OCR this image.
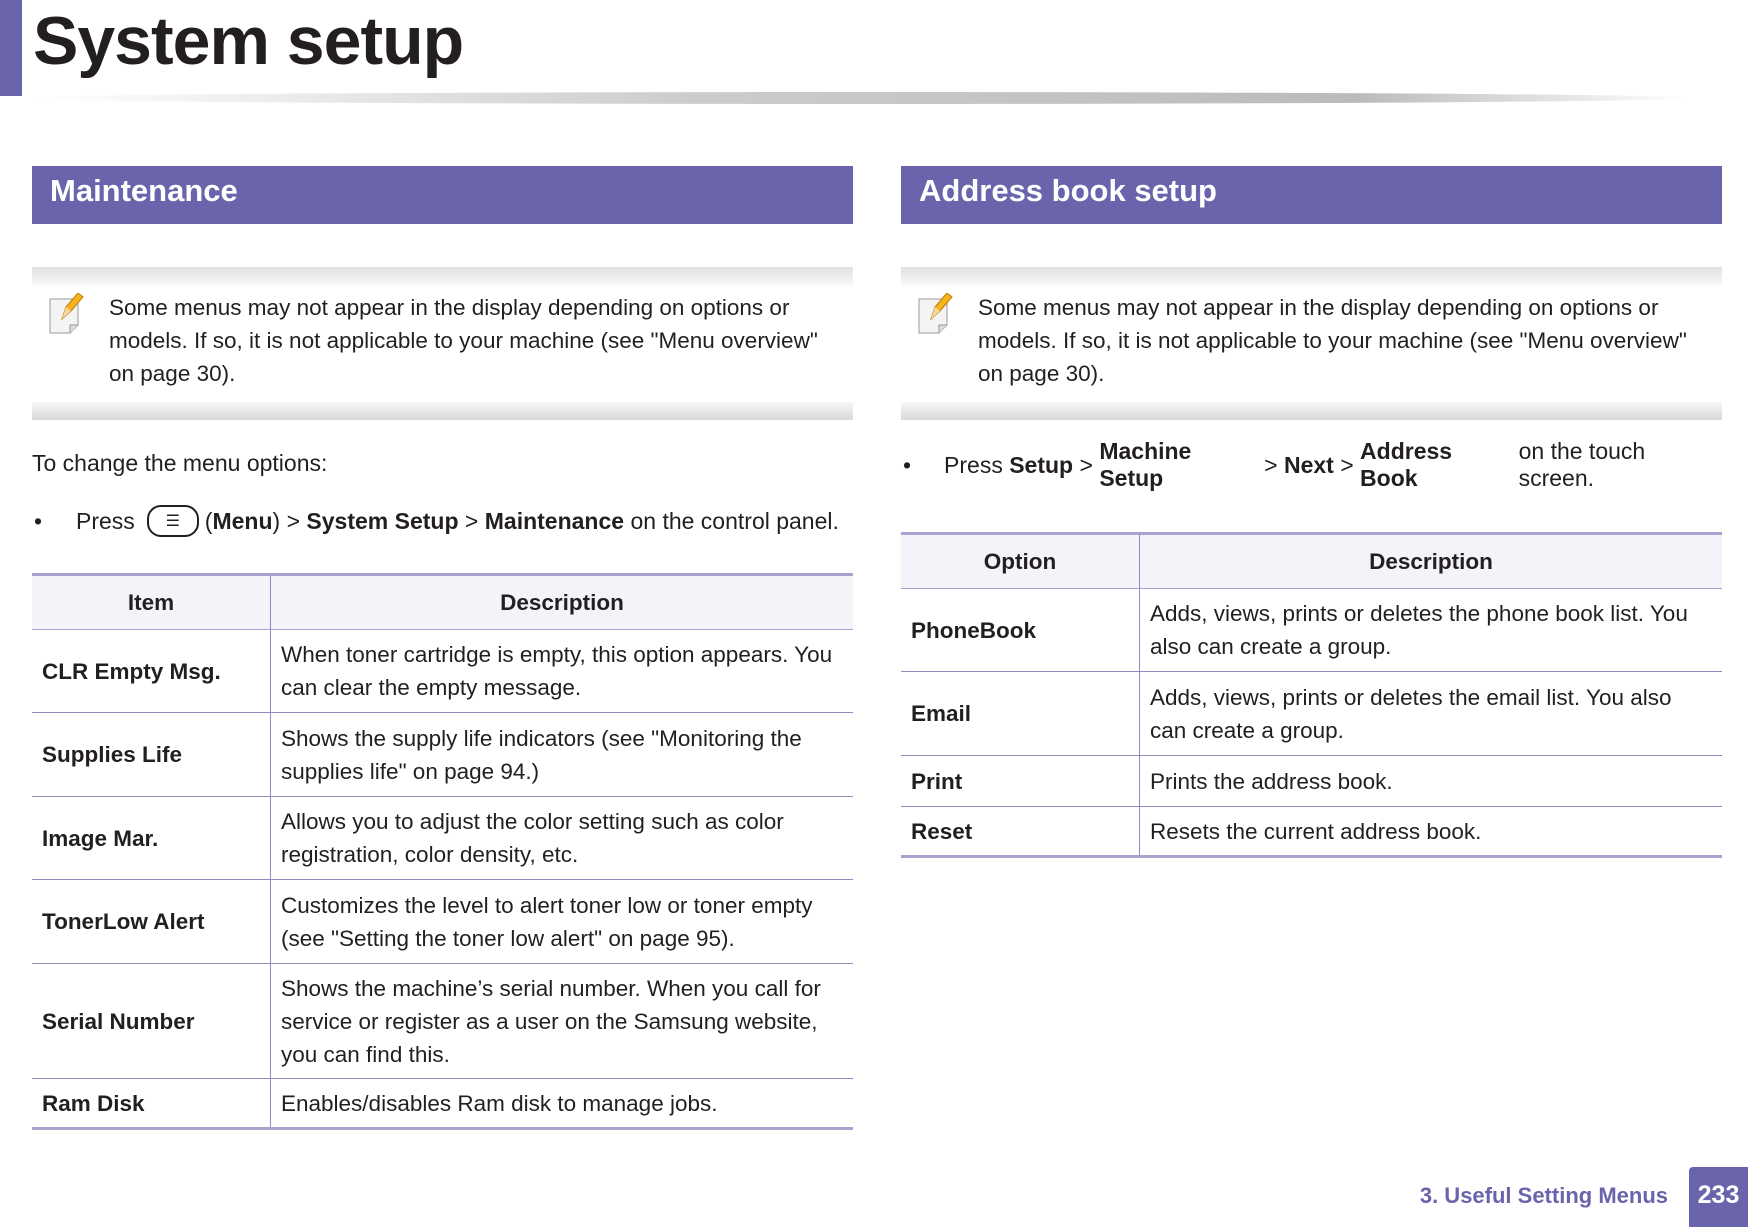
System setup
Maintenance
Some menus may not appear in the display depending on options or models. If so, it is not applicable to your machine (see "Menu overview" on page 30).
To change the menu options:
•	Press	☰	( Menu ) >
System Setup
>
Maintenance
on the control panel.
Item	Description
CLR Empty Msg.	When toner cartridge is empty, this option appears. You can clear the empty message.
Supplies Life	Shows the supply life indicators (see "Monitoring the supplies life" on page 94.)
Image Mar.	Allows you to adjust the color setting such as color registration, color density, etc.
TonerLow Alert	Customizes the level to alert toner low or toner empty (see "Setting the toner low alert" on page 95).
Serial Number	Shows the machine’s serial number. When you call for service or register as a user on the Samsung website, you can find this.
Ram Disk	Enables/disables Ram disk to manage jobs.
Address book setup
Some menus may not appear in the display depending on options or models. If so, it is not applicable to your machine (see "Menu overview" on page 30).
•	Press
Setup
>

Machine Setup

>
Next
>

Address Book

on the touch screen.
Option	Description
PhoneBook	Adds, views, prints or deletes the phone book list. You also can create a group.
Email	Adds, views, prints or deletes the email list. You also can create a group.
Print	Prints the address book.
Reset	Resets the current address book.
3. Useful Setting Menus	233
